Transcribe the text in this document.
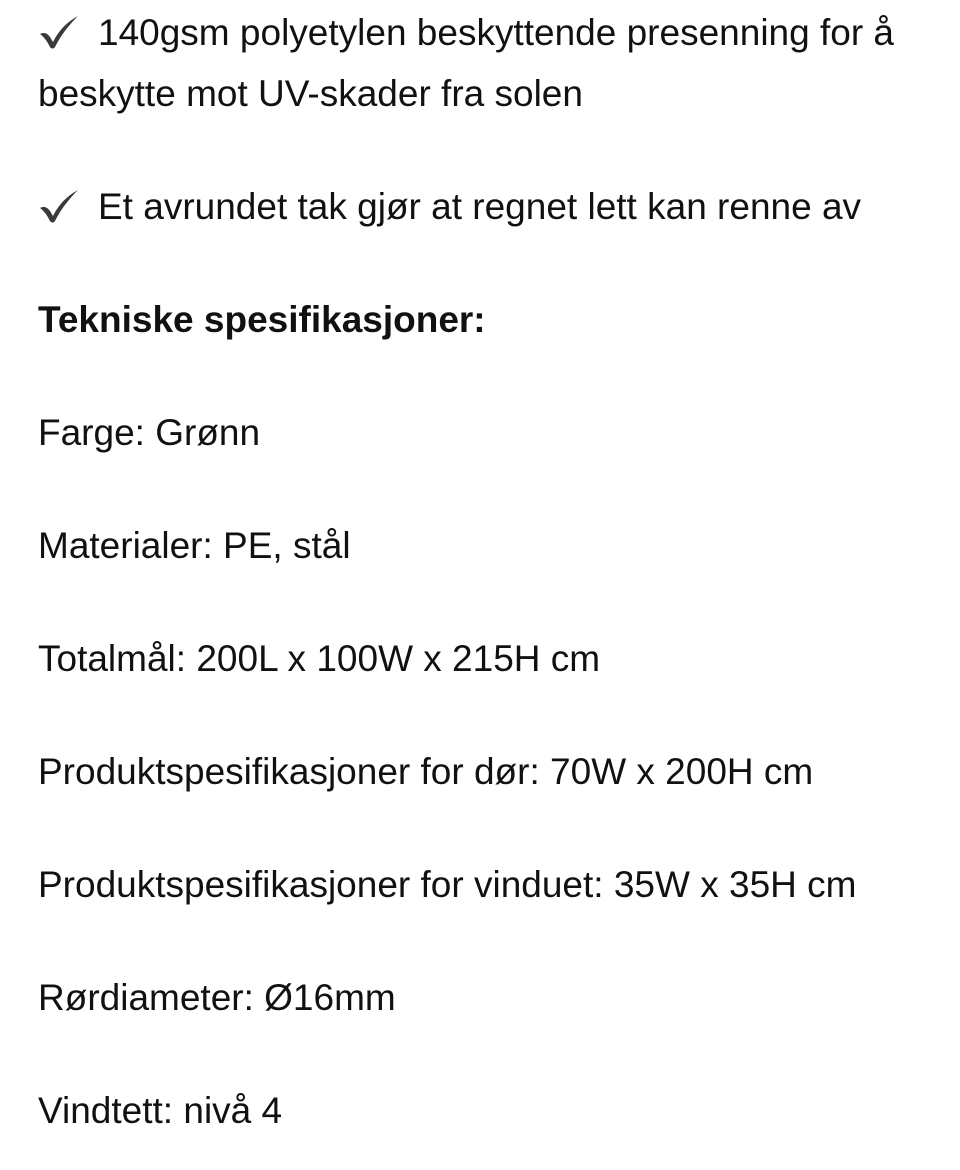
140gsm polyetylen beskyttende presenning for å beskytte mot UV-skader fra solen

Et avrundet tak gjør at regnet lett kan renne av

Tekniske spesifikasjoner:

Farge: Grønn

Materialer: PE, stål

Totalmål: 200L x 100W x 215H cm

Produktspesifikasjoner for dør: 70W x 200H cm

Produktspesifikasjoner for vinduet: 35W x 35H cm

Rørdiameter: Ø16mm

Vindtett: nivå 4
